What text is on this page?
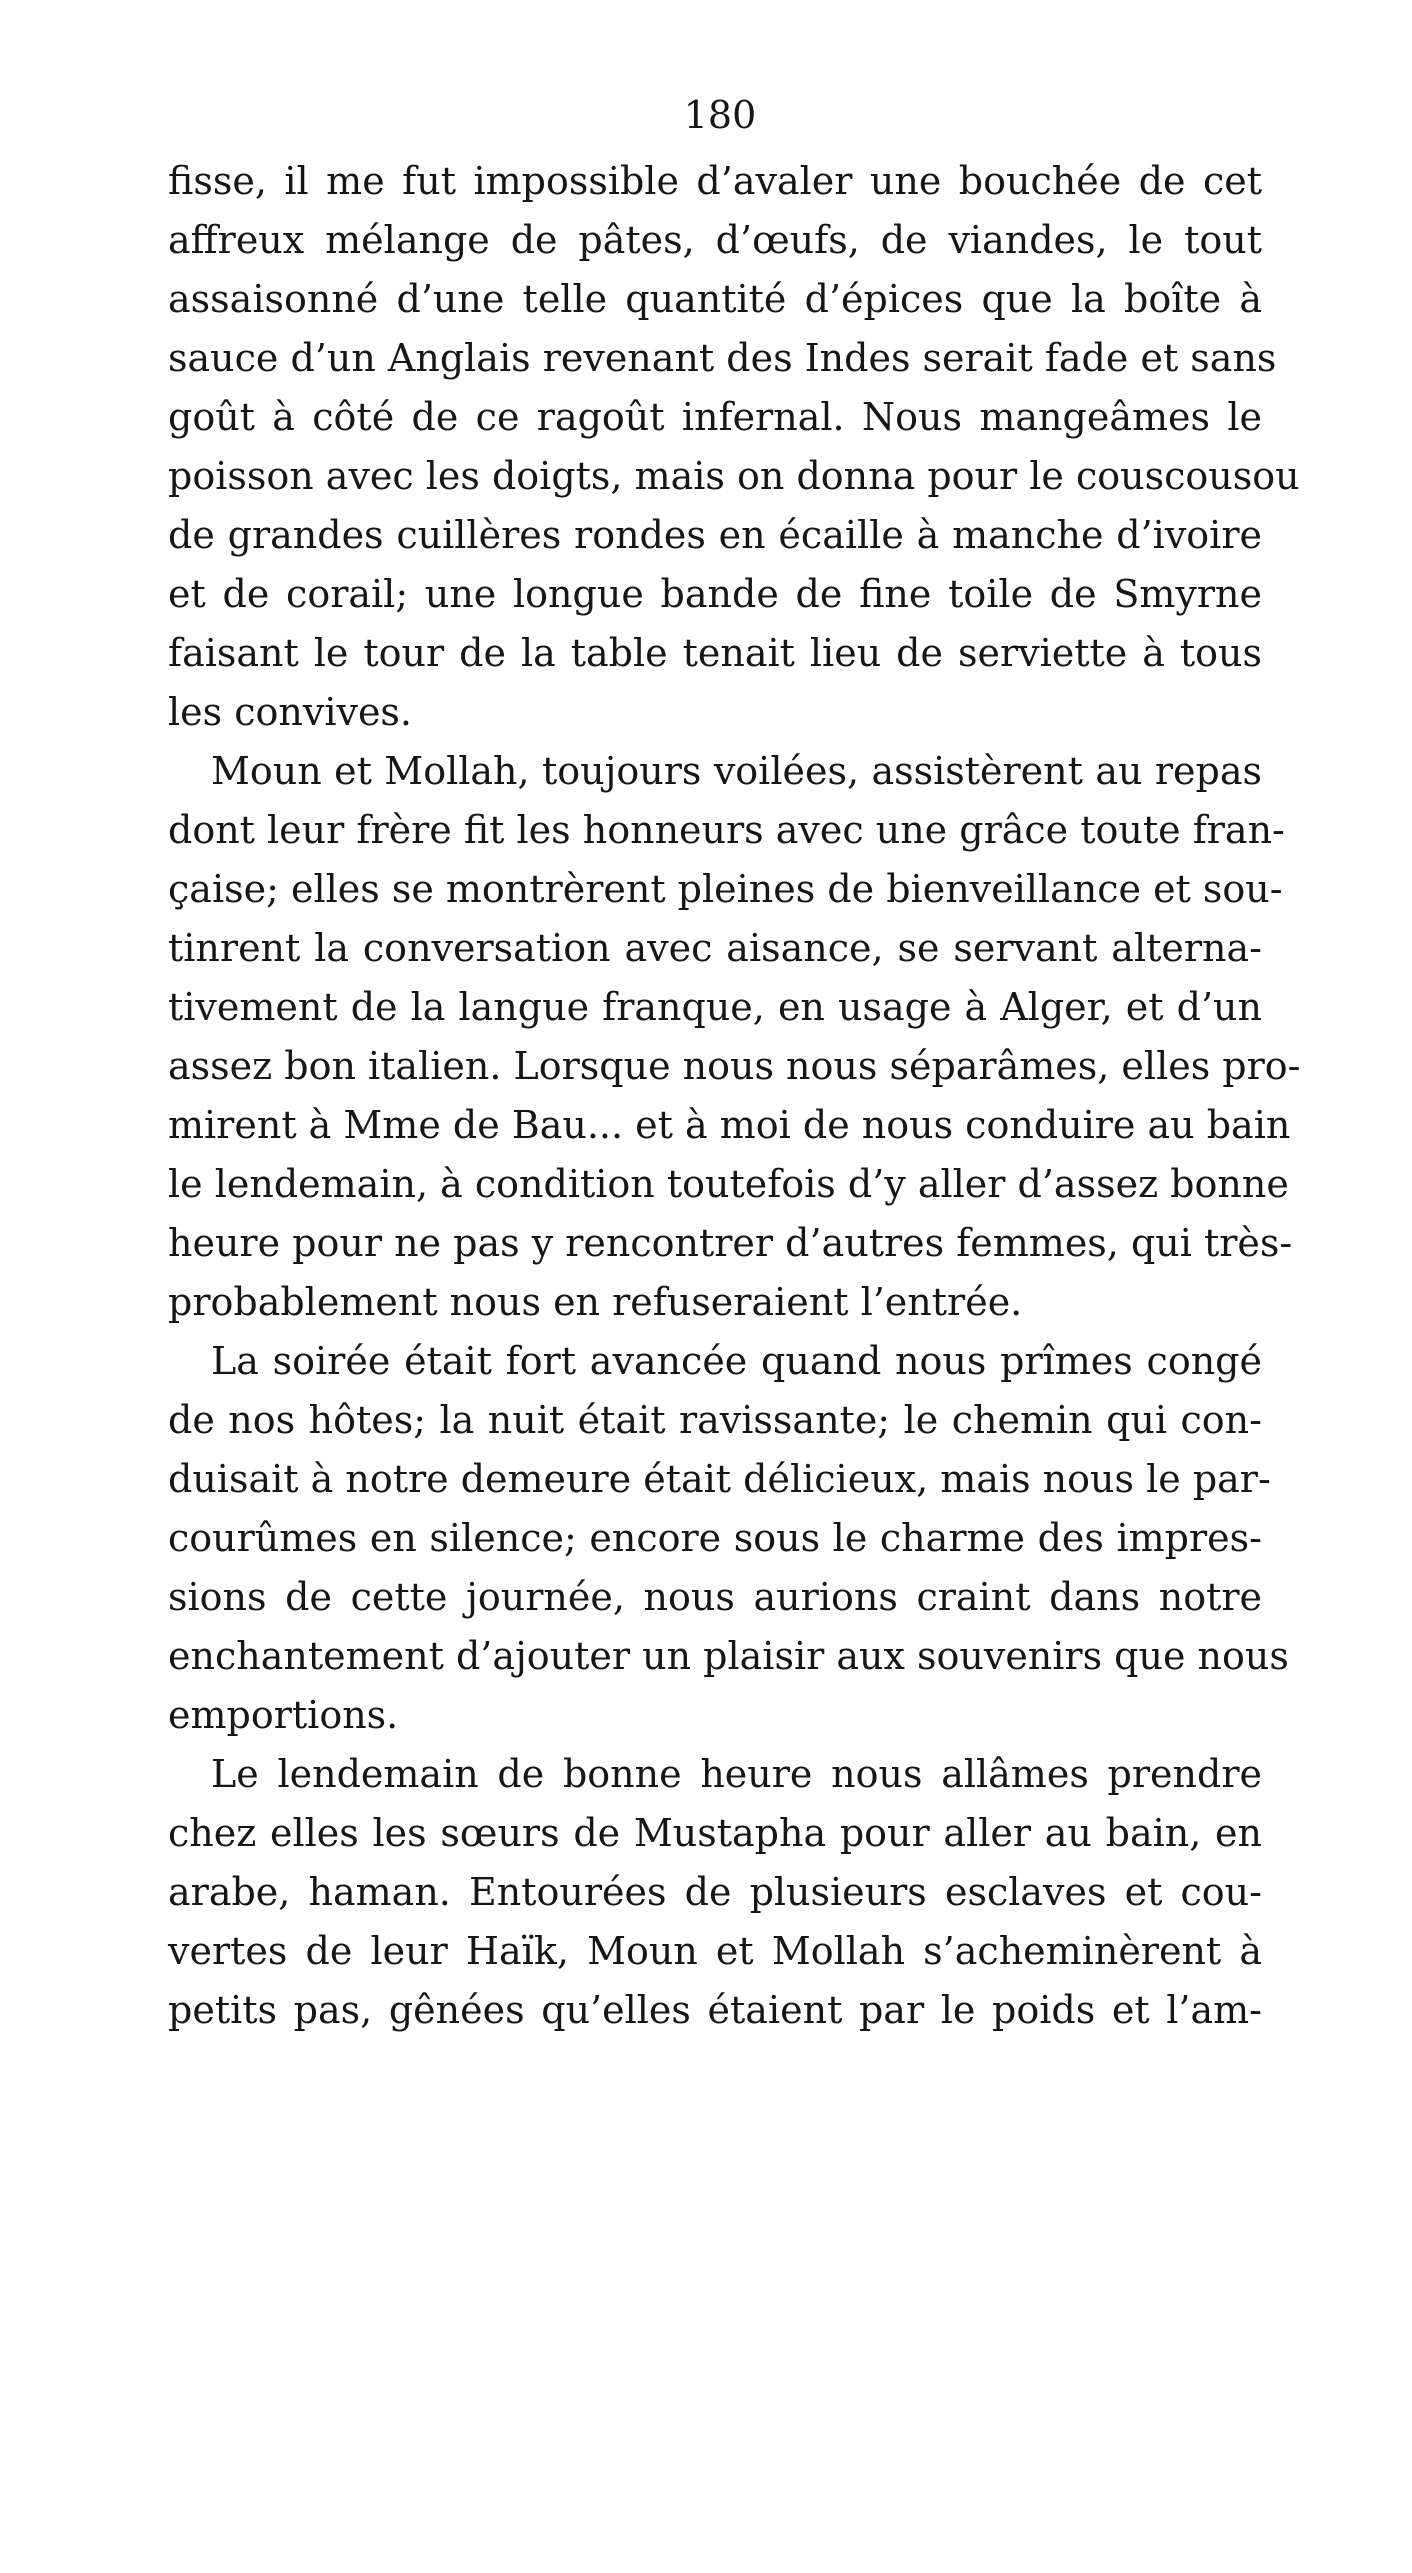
180
fisse, il me fut impossible d’avaler une bouchée de cet
affreux mélange de pâtes, d’œufs, de viandes, le tout
assaisonné d’une telle quantité d’épices que la boîte à
sauce d’un Anglais revenant des Indes serait fade et sans
goût à côté de ce ragoût infernal. Nous mangeâmes le
poisson avec les doigts, mais on donna pour le couscousou
de grandes cuillères rondes en écaille à manche d’ivoire
et de corail; une longue bande de fine toile de Smyrne
faisant le tour de la table tenait lieu de serviette à tous
les convives.
Moun et Mollah, toujours voilées, assistèrent au repas
dont leur frère fit les honneurs avec une grâce toute fran-
çaise; elles se montrèrent pleines de bienveillance et sou-
tinrent la conversation avec aisance, se servant alterna-
tivement de la langue franque, en usage à Alger, et d’un
assez bon italien. Lorsque nous nous séparâmes, elles pro-
mirent à Mme de Bau... et à moi de nous conduire au bain
le lendemain, à condition toutefois d’y aller d’assez bonne
heure pour ne pas y rencontrer d’autres femmes, qui très-
probablement nous en refuseraient l’entrée.
La soirée était fort avancée quand nous prîmes congé
de nos hôtes; la nuit était ravissante; le chemin qui con-
duisait à notre demeure était délicieux, mais nous le par-
courûmes en silence; encore sous le charme des impres-
sions de cette journée, nous aurions craint dans notre
enchantement d’ajouter un plaisir aux souvenirs que nous
emportions.
Le lendemain de bonne heure nous allâmes prendre
chez elles les sœurs de Mustapha pour aller au bain, en
arabe, haman. Entourées de plusieurs esclaves et cou-
vertes de leur Haïk, Moun et Mollah s’acheminèrent à
petits pas, gênées qu’elles étaient par le poids et l’am-
